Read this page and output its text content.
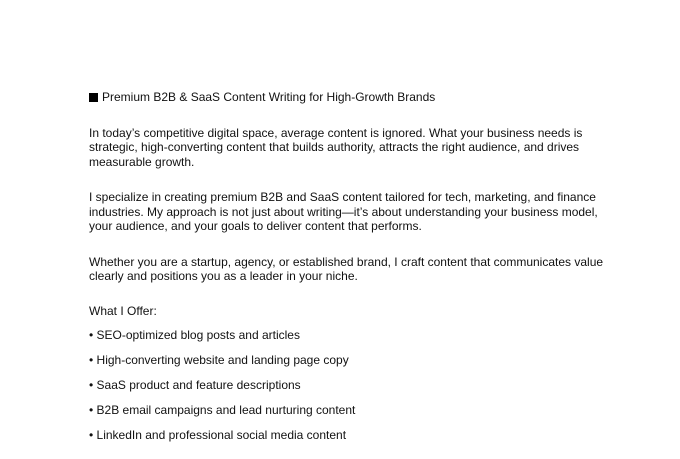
Premium B2B & SaaS Content Writing for High-Growth Brands

In today’s competitive digital space, average content is ignored. What your business needs is strategic, high-converting content that builds authority, attracts the right audience, and drives measurable growth.

I specialize in creating premium B2B and SaaS content tailored for tech, marketing, and finance industries. My approach is not just about writing—it’s about understanding your business model, your audience, and your goals to deliver content that performs.

Whether you are a startup, agency, or established brand, I craft content that communicates value clearly and positions you as a leader in your niche.

What I Offer:

• SEO-optimized blog posts and articles
• High-converting website and landing page copy
• SaaS product and feature descriptions
• B2B email campaigns and lead nurturing content
• LinkedIn and professional social media content
